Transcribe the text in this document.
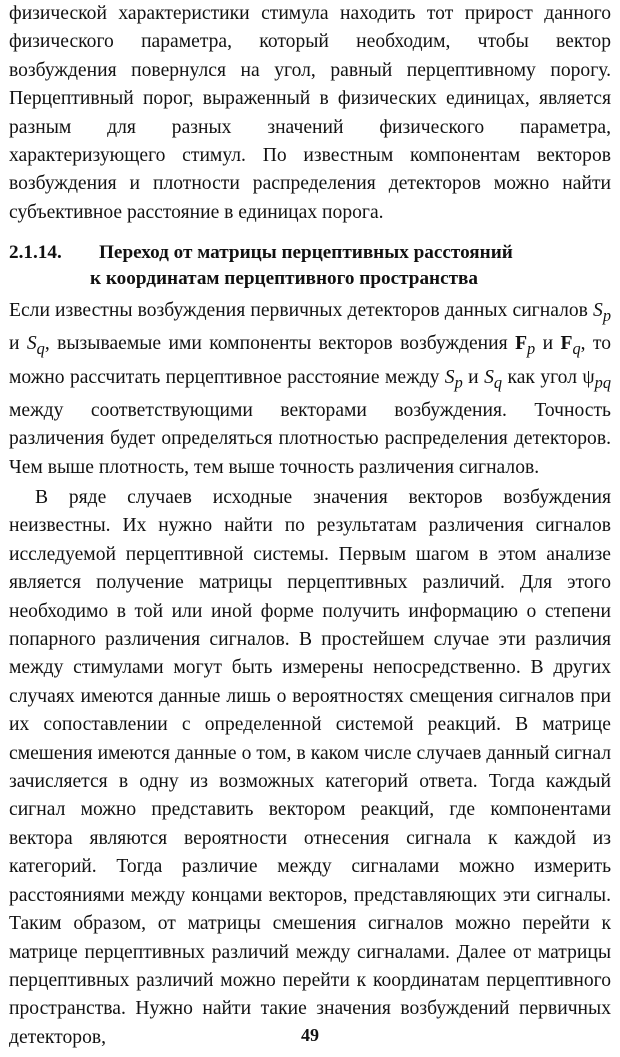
физической характеристики стимула находить тот прирост данного физического параметра, который необходим, чтобы вектор возбуждения повернулся на угол, равный перцептивному порогу. Перцептивный порог, выраженный в физических единицах, является разным для разных значений физического параметра, характеризующего стимул. По известным компонентам векторов возбуждения и плотности распределения детекторов можно найти субъективное расстояние в единицах порога.

2.1.14. Переход от матрицы перцептивных расстояний
к координатам перцептивного пространства

Если известны возбуждения первичных детекторов данных сигналов $S_p$ и $S_q$, вызываемые ими компоненты векторов возбуждения $F_p$ и $F_q$, то можно рассчитать перцептивное расстояние между $S_p$ и $S_q$ как угол $\psi_{pq}$ между соответствующими векторами возбуждения. Точность различения будет определяться плотностью распределения детекторов. Чем выше плотность, тем выше точность различения сигналов.

В ряде случаев исходные значения векторов возбуждения неизвестны. Их нужно найти по результатам различения сигналов исследуемой перцептивной системы. Первым шагом в этом анализе является получение матрицы перцептивных различий. Для этого необходимо в той или иной форме получить информацию о степени попарного различения сигналов. В простейшем случае эти различия между стимулами могут быть измерены непосредственно. В других случаях имеются данные лишь о вероятностях смещения сигналов при их сопоставлении с определенной системой реакций. В матрице смешения имеются данные о том, в каком числе случаев данный сигнал зачисляется в одну из возможных категорий ответа. Тогда каждый сигнал можно представить вектором реакций, где компонентами вектора являются вероятности отнесения сигнала к каждой из категорий. Тогда различие между сигналами можно измерить расстояниями между концами векторов, представляющих эти сигналы. Таким образом, от матрицы смешения сигналов можно перейти к матрице перцептивных различий между сигналами. Далее от матрицы перцептивных различий можно перейти к координатам перцептивного пространства. Нужно найти такие значения возбуждений первичных детекторов,	49
